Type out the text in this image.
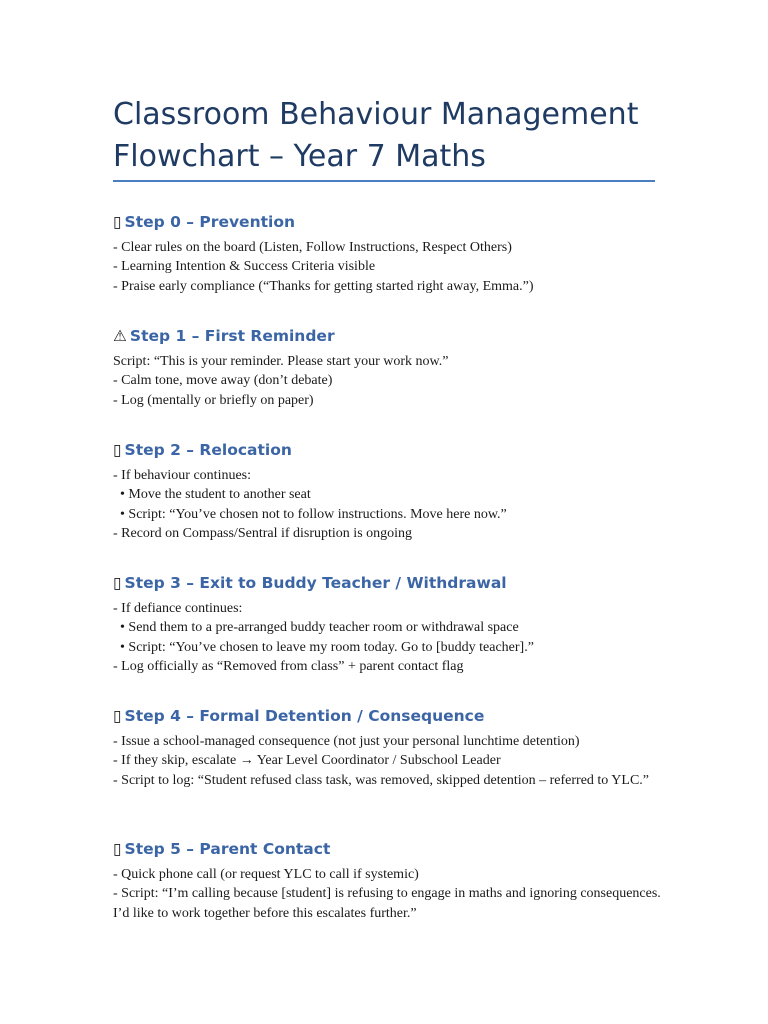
Classroom Behaviour Management
Flowchart – Year 7 Maths
▯ Step 0 – Prevention
- Clear rules on the board (Listen, Follow Instructions, Respect Others)
- Learning Intention & Success Criteria visible
- Praise early compliance (“Thanks for getting started right away, Emma.”)
⚠ Step 1 – First Reminder
Script: “This is your reminder. Please start your work now.”
- Calm tone, move away (don’t debate)
- Log (mentally or briefly on paper)
▯ Step 2 – Relocation
- If behaviour continues:
• Move the student to another seat
• Script: “You’ve chosen not to follow instructions. Move here now.”
- Record on Compass/Sentral if disruption is ongoing
▯ Step 3 – Exit to Buddy Teacher / Withdrawal
- If defiance continues:
• Send them to a pre-arranged buddy teacher room or withdrawal space
• Script: “You’ve chosen to leave my room today. Go to [buddy teacher].”
- Log officially as “Removed from class” + parent contact flag
▯ Step 4 – Formal Detention / Consequence
- Issue a school-managed consequence (not just your personal lunchtime detention)
- If they skip, escalate → Year Level Coordinator / Subschool Leader
- Script to log: “Student refused class task, was removed, skipped detention – referred to YLC.”
▯ Step 5 – Parent Contact
- Quick phone call (or request YLC to call if systemic)
- Script: “I’m calling because [student] is refusing to engage in maths and ignoring consequences. I’d like to work together before this escalates further.”
